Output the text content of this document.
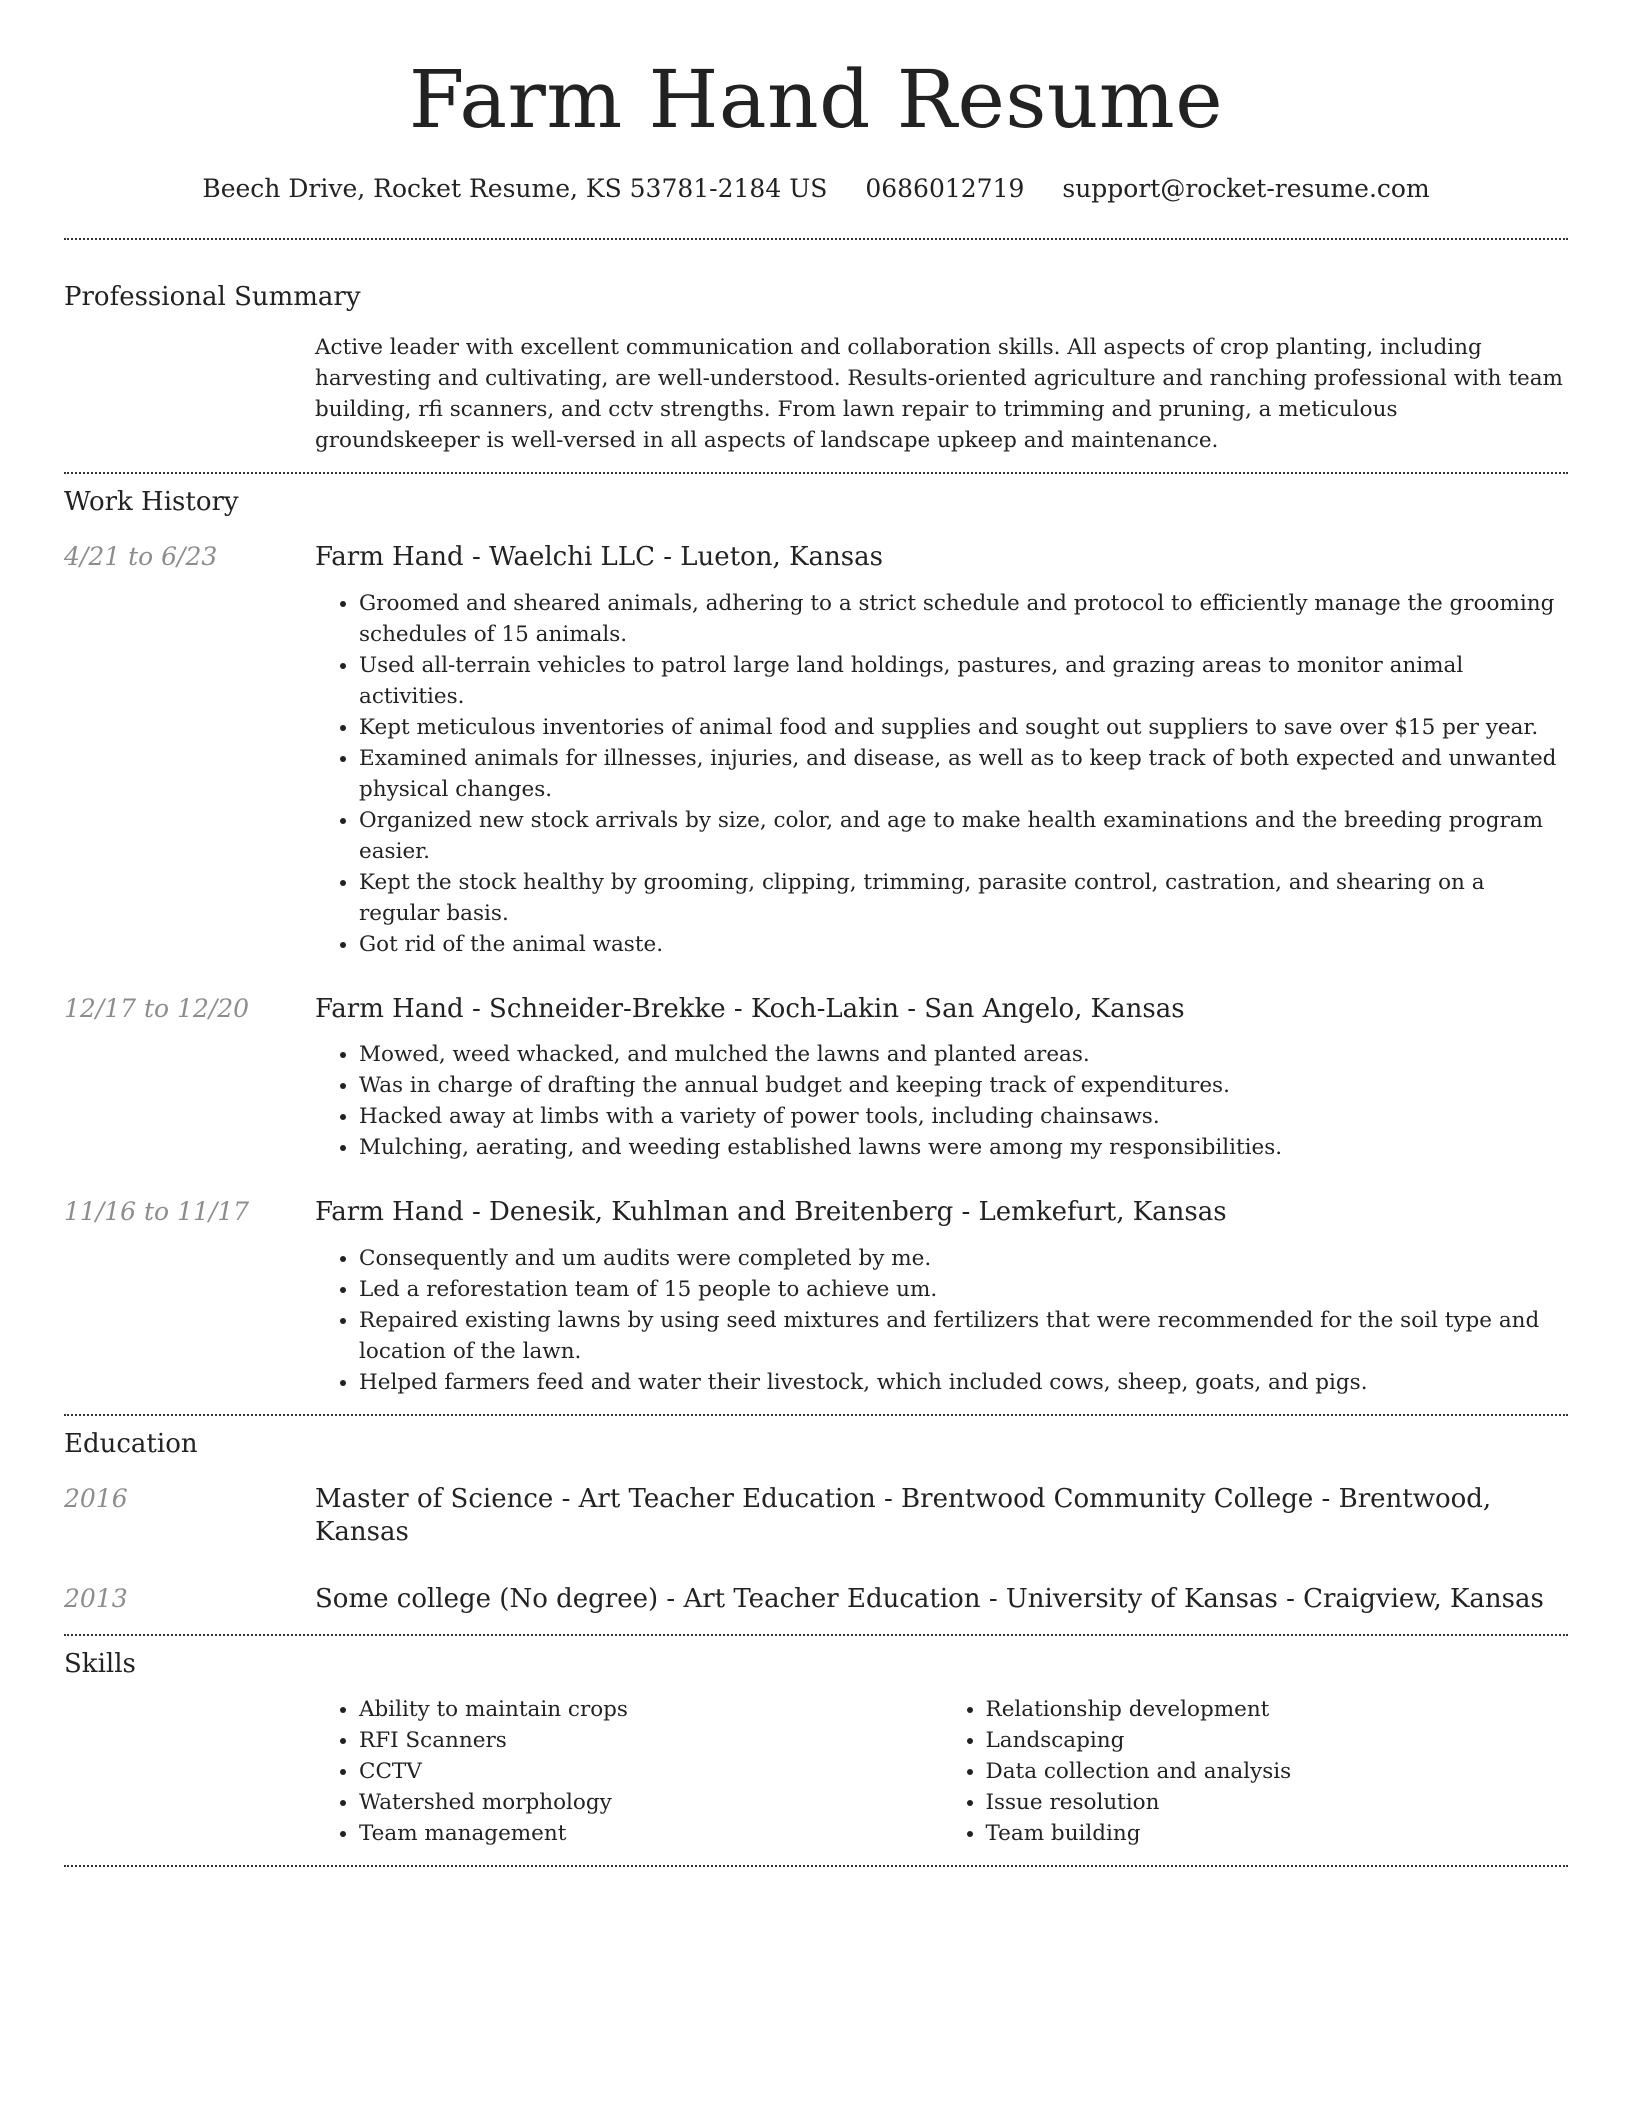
Farm Hand Resume
Beech Drive, Rocket Resume, KS 53781-2184 US 0686012719 support@rocket-resume.com
Professional Summary
Active leader with excellent communication and collaboration skills. All aspects of crop planting, including harvesting and cultivating, are well-understood. Results-oriented agriculture and ranching professional with team building, rfi scanners, and cctv strengths. From lawn repair to trimming and pruning, a meticulous groundskeeper is well-versed in all aspects of landscape upkeep and maintenance.
Work History
4/21 to 6/23	Farm Hand - Waelchi LLC - Lueton, Kansas
• Groomed and sheared animals, adhering to a strict schedule and protocol to efficiently manage the grooming schedules of 15 animals.
• Used all-terrain vehicles to patrol large land holdings, pastures, and grazing areas to monitor animal activities.
• Kept meticulous inventories of animal food and supplies and sought out suppliers to save over $15 per year.
• Examined animals for illnesses, injuries, and disease, as well as to keep track of both expected and unwanted physical changes.
• Organized new stock arrivals by size, color, and age to make health examinations and the breeding program easier.
• Kept the stock healthy by grooming, clipping, trimming, parasite control, castration, and shearing on a regular basis.
• Got rid of the animal waste.
12/17 to 12/20	Farm Hand - Schneider-Brekke - Koch-Lakin - San Angelo, Kansas
• Mowed, weed whacked, and mulched the lawns and planted areas.
• Was in charge of drafting the annual budget and keeping track of expenditures.
• Hacked away at limbs with a variety of power tools, including chainsaws.
• Mulching, aerating, and weeding established lawns were among my responsibilities.
11/16 to 11/17	Farm Hand - Denesik, Kuhlman and Breitenberg - Lemkefurt, Kansas
• Consequently and um audits were completed by me.
• Led a reforestation team of 15 people to achieve um.
• Repaired existing lawns by using seed mixtures and fertilizers that were recommended for the soil type and location of the lawn.
• Helped farmers feed and water their livestock, which included cows, sheep, goats, and pigs.
Education
2016	Master of Science - Art Teacher Education - Brentwood Community College - Brentwood, Kansas
2013	Some college (No degree) - Art Teacher Education - University of Kansas - Craigview, Kansas
Skills
• Ability to maintain crops
• RFI Scanners
• CCTV
• Watershed morphology
• Team management
• Relationship development
• Landscaping
• Data collection and analysis
• Issue resolution
• Team building
